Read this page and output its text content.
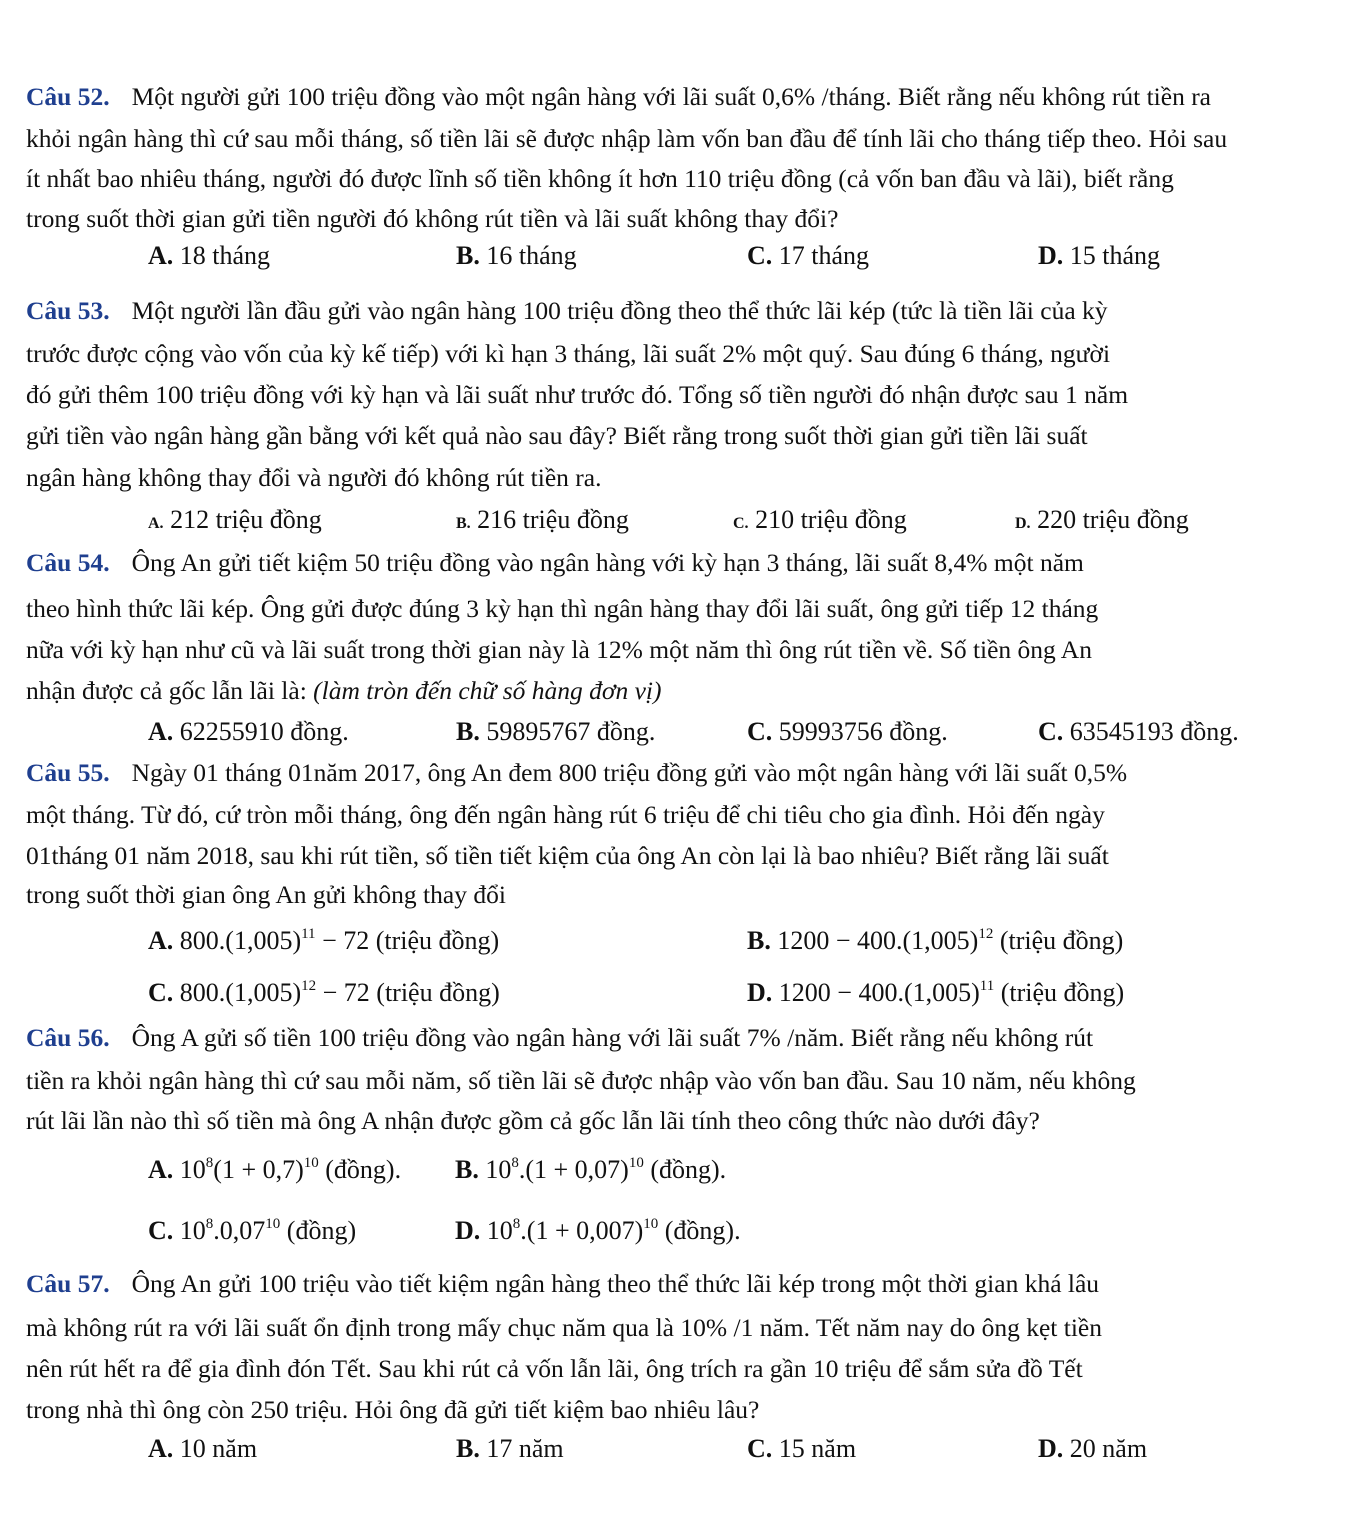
Câu 52. Một người gửi 100 triệu đồng vào một ngân hàng với lãi suất 0,6% /tháng. Biết rằng nếu không rút tiền ra
khỏi ngân hàng thì cứ sau mỗi tháng, số tiền lãi sẽ được nhập làm vốn ban đầu để tính lãi cho tháng tiếp theo. Hỏi sau
ít nhất bao nhiêu tháng, người đó được lĩnh số tiền không ít hơn 110 triệu đồng (cả vốn ban đầu và lãi), biết rằng
trong suốt thời gian gửi tiền người đó không rút tiền và lãi suất không thay đổi?
A. 18 tháng	B. 16 tháng	C. 17 tháng	D. 15 tháng
Câu 53. Một người lần đầu gửi vào ngân hàng 100 triệu đồng theo thể thức lãi kép (tức là tiền lãi của kỳ
trước được cộng vào vốn của kỳ kế tiếp) với kì hạn 3 tháng, lãi suất 2% một quý. Sau đúng 6 tháng, người
đó gửi thêm 100 triệu đồng với kỳ hạn và lãi suất như trước đó. Tổng số tiền người đó nhận được sau 1 năm
gửi tiền vào ngân hàng gần bằng với kết quả nào sau đây? Biết rằng trong suốt thời gian gửi tiền lãi suất
ngân hàng không thay đổi và người đó không rút tiền ra.
A. 212 triệu đồng	B. 216 triệu đồng	C. 210 triệu đồng	D. 220 triệu đồng
Câu 54. Ông An gửi tiết kiệm 50 triệu đồng vào ngân hàng với kỳ hạn 3 tháng, lãi suất 8,4% một năm
theo hình thức lãi kép. Ông gửi được đúng 3 kỳ hạn thì ngân hàng thay đổi lãi suất, ông gửi tiếp 12 tháng
nữa với kỳ hạn như cũ và lãi suất trong thời gian này là 12% một năm thì ông rút tiền về. Số tiền ông An
nhận được cả gốc lẫn lãi là: (làm tròn đến chữ số hàng đơn vị)
A. 62255910 đồng.	B. 59895767 đồng.	C. 59993756 đồng.	C. 63545193 đồng.
Câu 55. Ngày 01 tháng 01năm 2017, ông An đem 800 triệu đồng gửi vào một ngân hàng với lãi suất 0,5%
một tháng. Từ đó, cứ tròn mỗi tháng, ông đến ngân hàng rút 6 triệu để chi tiêu cho gia đình. Hỏi đến ngày
01tháng 01 năm 2018, sau khi rút tiền, số tiền tiết kiệm của ông An còn lại là bao nhiêu? Biết rằng lãi suất
trong suốt thời gian ông An gửi không thay đổi
A. $800.(1,005)^{11} - 72$ (triệu đồng)	B. $1200 - 400.(1,005)^{12}$ (triệu đồng)
C. $800.(1,005)^{12} - 72$ (triệu đồng)	D. $1200 - 400.(1,005)^{11}$ (triệu đồng)
Câu 56. Ông A gửi số tiền 100 triệu đồng vào ngân hàng với lãi suất 7% /năm. Biết rằng nếu không rút
tiền ra khỏi ngân hàng thì cứ sau mỗi năm, số tiền lãi sẽ được nhập vào vốn ban đầu. Sau 10 năm, nếu không
rút lãi lần nào thì số tiền mà ông A nhận được gồm cả gốc lẫn lãi tính theo công thức nào dưới đây?
A. $10^8(1 + 0,7)^{10}$ (đồng). B. $10^8.(1 + 0,07)^{10}$ (đồng).
C. $10^8.0,07^{10}$ (đồng)	D. $10^8.(1 + 0,007)^{10}$ (đồng).
Câu 57. Ông An gửi 100 triệu vào tiết kiệm ngân hàng theo thể thức lãi kép trong một thời gian khá lâu
mà không rút ra với lãi suất ổn định trong mấy chục năm qua là 10% /1 năm. Tết năm nay do ông kẹt tiền
nên rút hết ra để gia đình đón Tết. Sau khi rút cả vốn lẫn lãi, ông trích ra gần 10 triệu để sắm sửa đồ Tết
trong nhà thì ông còn 250 triệu. Hỏi ông đã gửi tiết kiệm bao nhiêu lâu?
A. 10 năm	B. 17 năm	C. 15 năm	D. 20 năm
